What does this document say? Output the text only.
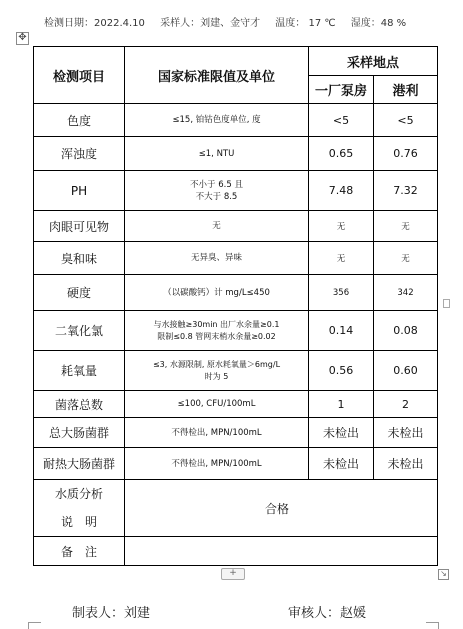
检测日期：2022.4.10 采样人：刘建、金守才 温度： 17 ℃ 湿度：48 %
✥
检测项目	国家标准限值及单位	采样地点	
		一厂泵房	港利
色度	≤15, 铂钴色度单位, 度	<5	<5
浑浊度	≤1, NTU	0.65	0.76
PH	不小于 6.5 且
不大于 8.5	7.48	7.32
肉眼可见物	无	无	无
臭和味	无异臭、异味	无	无
硬度	（以碳酸钙）计 mg/L≤450	356	342
二氧化氯	与水接触≥30min 出厂水余量≥0.1
限制≤0.8 管网末梢水余量≥0.02	0.14	0.08
耗氧量	≤3, 水源限制, 原水耗氧量＞6mg/L
时为 5	0.56	0.60
菌落总数	≤100, CFU/100mL	1	2
总大肠菌群	不得检出, MPN/100mL	未检出	未检出
耐热大肠菌群	不得检出, MPN/100mL	未检出	未检出

水质分析
说　明	合格		
备　注			
+	↘
制表人：刘建	审核人：赵媛
